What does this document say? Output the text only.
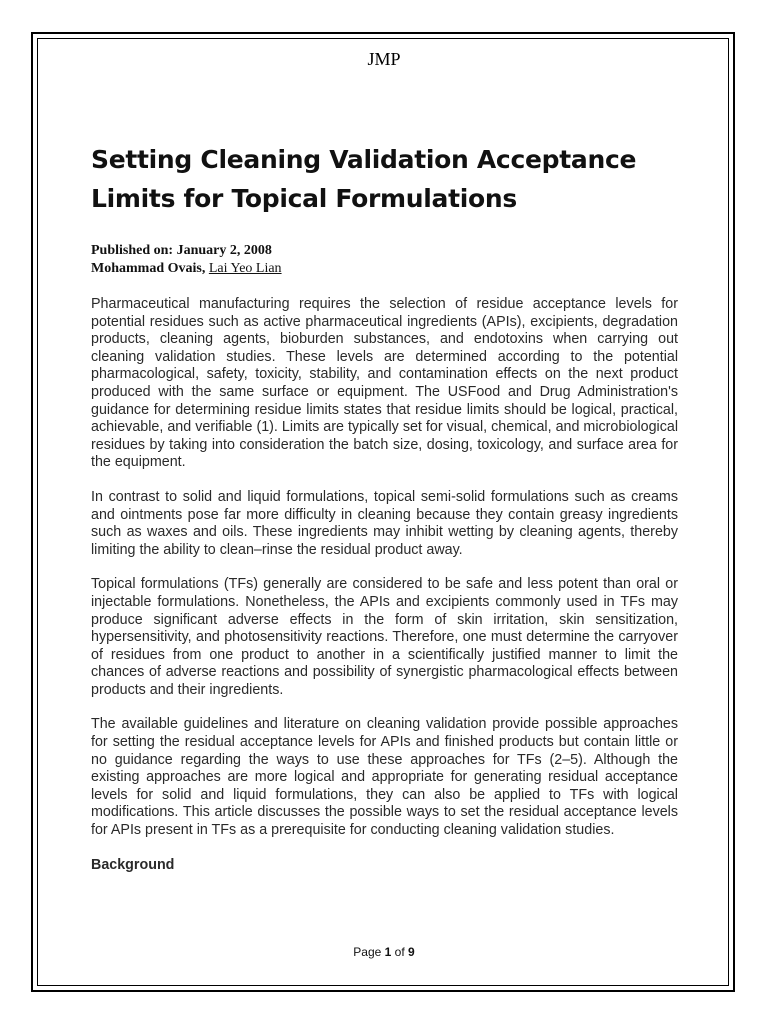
JMP
Setting Cleaning Validation Acceptance
Limits for Topical Formulations
Published on: January 2, 2008
Mohammad Ovais, Lai Yeo Lian

Pharmaceutical manufacturing requires the selection of residue acceptance levels for potential residues such as active pharmaceutical ingredients (APIs), excipients, degradation products, cleaning agents, bioburden substances, and endotoxins when carrying out cleaning validation studies. These levels are determined according to the potential pharmacological, safety, toxicity, stability, and contamination effects on the next product produced with the same surface or equipment. The USFood and Drug Administration's guidance for determining residue limits states that residue limits should be logical, practical, achievable, and verifiable (1). Limits are typically set for visual, chemical, and microbiological residues by taking into consideration the batch size, dosing, toxicology, and surface area for the equipment.

In contrast to solid and liquid formulations, topical semi-solid formulations such as creams and ointments pose far more difficulty in cleaning because they contain greasy ingredients such as waxes and oils. These ingredients may inhibit wetting by cleaning agents, thereby limiting the ability to clean–rinse the residual product away.

Topical formulations (TFs) generally are considered to be safe and less potent than oral or injectable formulations. Nonetheless, the APIs and excipients commonly used in TFs may produce significant adverse effects in the form of skin irritation, skin sensitization, hypersensitivity, and photosensitivity reactions. Therefore, one must determine the carryover of residues from one product to another in a scientifically justified manner to limit the chances of adverse reactions and possibility of synergistic pharmacological effects between products and their ingredients.

The available guidelines and literature on cleaning validation provide possible approaches for setting the residual acceptance levels for APIs and finished products but contain little or no guidance regarding the ways to use these approaches for TFs (2–5). Although the existing approaches are more logical and appropriate for generating residual acceptance levels for solid and liquid formulations, they can also be applied to TFs with logical modifications. This article discusses the possible ways to set the residual acceptance levels for APIs present in TFs as a prerequisite for conducting cleaning validation studies.

Background
Page 1 of 9
